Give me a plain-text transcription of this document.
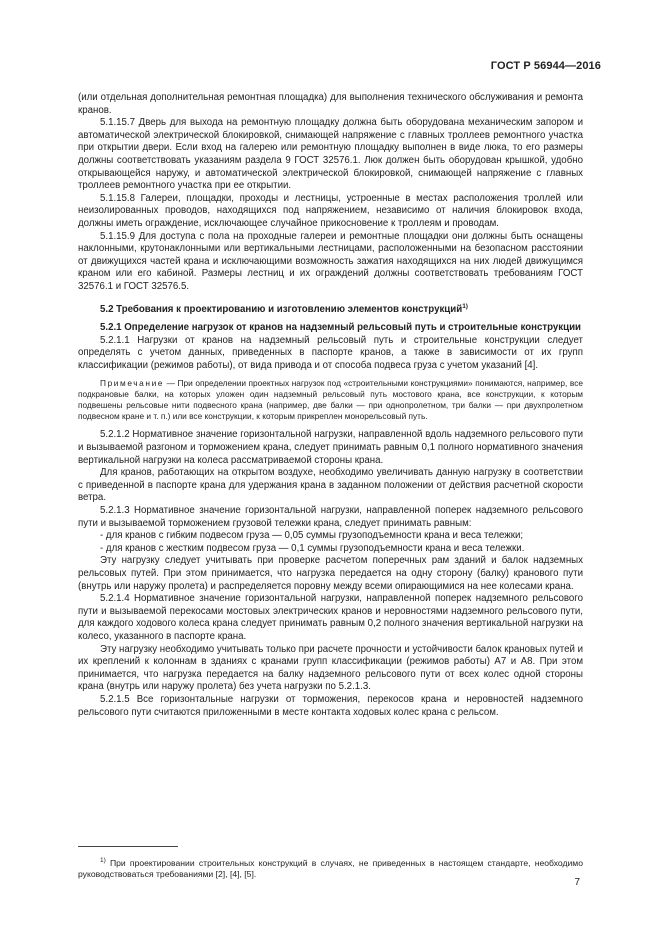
ГОСТ Р 56944—2016

(или отдельная дополнительная ремонтная площадка) для выполнения технического обслуживания и ремонта кранов.

5.1.15.7 Дверь для выхода на ремонтную площадку должна быть оборудована механическим запором и автоматической электрической блокировкой, снимающей напряжение с главных троллеев ремонтного участка при открытии двери. Если вход на галерею или ремонтную площадку выполнен в виде люка, то его размеры должны соответствовать указаниям раздела 9 ГОСТ 32576.1. Люк должен быть оборудован крышкой, удобно открывающейся наружу, и автоматической электрической блокировкой, снимающей напряжение с главных троллеев ремонтного участка при ее открытии.

5.1.15.8 Галереи, площадки, проходы и лестницы, устроенные в местах расположения троллей или неизолированных проводов, находящихся под напряжением, независимо от наличия блокировок входа, должны иметь ограждение, исключающее случайное прикосновение к троллеям и проводам.

5.1.15.9 Для доступа с пола на проходные галереи и ремонтные площадки они должны быть оснащены наклонными, крутонаклонными или вертикальными лестницами, расположенными на безопасном расстоянии от движущихся частей крана и исключающими возможность зажатия находящихся на них людей движущимся краном или его кабиной. Размеры лестниц и их ограждений должны соответствовать требованиям ГОСТ 32576.1 и ГОСТ 32576.5.

5.2 Требования к проектированию и изготовлению элементов конструкций$^{1)}$

5.2.1 Определение нагрузок от кранов на надземный рельсовый путь и строительные конструкции

5.2.1.1 Нагрузки от кранов на надземный рельсовый путь и строительные конструкции следует определять с учетом данных, приведенных в паспорте кранов, а также в зависимости от их групп классификации (режимов работы), от вида привода и от способа подвеса груза с учетом указаний [4].

Примечание — При определении проектных нагрузок под «строительными конструкциями» понимаются, например, все подкрановые балки, на которых уложен один надземный рельсовый путь мостового крана, все конструкции, к которым подвешены рельсовые нити подвесного крана (например, две балки — при однопролетном, три балки — при двухпролетном подвесном кране и т. п.) или все конструкции, к которым прикреплен монорельсовый путь.

5.2.1.2 Нормативное значение горизонтальной нагрузки, направленной вдоль надземного рельсового пути и вызываемой разгоном и торможением крана, следует принимать равным 0,1 полного нормативного значения вертикальной нагрузки на колеса рассматриваемой стороны крана.

Для кранов, работающих на открытом воздухе, необходимо увеличивать данную нагрузку в соответствии с приведенной в паспорте крана для удержания крана в заданном положении от действия расчетной скорости ветра.

5.2.1.3 Нормативное значение горизонтальной нагрузки, направленной поперек надземного рельсового пути и вызываемой торможением грузовой тележки крана, следует принимать равным:

- для кранов с гибким подвесом груза — 0,05 суммы грузоподъемности крана и веса тележки;

- для кранов с жестким подвесом груза — 0,1 суммы грузоподъемности крана и веса тележки.

Эту нагрузку следует учитывать при проверке расчетом поперечных рам зданий и балок надземных рельсовых путей. При этом принимается, что нагрузка передается на одну сторону (балку) кранового пути (внутрь или наружу пролета) и распределяется поровну между всеми опирающимися на нее колесами крана.

5.2.1.4 Нормативное значение горизонтальной нагрузки, направленной поперек надземного рельсового пути и вызываемой перекосами мостовых электрических кранов и неровностями надземного рельсового пути, для каждого ходового колеса крана следует принимать равным 0,2 полного значения вертикальной нагрузки на колесо, указанного в паспорте крана.

Эту нагрузку необходимо учитывать только при расчете прочности и устойчивости балок крановых путей и их креплений к колоннам в зданиях с кранами групп классификации (режимов работы) А7 и А8. При этом принимается, что нагрузка передается на балку надземного рельсового пути от всех колес одной стороны крана (внутрь или наружу пролета) без учета нагрузки по 5.2.1.3.

5.2.1.5 Все горизонтальные нагрузки от торможения, перекосов крана и неровностей надземного рельсового пути считаются приложенными в месте контакта ходовых колес крана с рельсом.

$^{1)}$ При проектировании строительных конструкций в случаях, не приведенных в настоящем стандарте, необходимо руководствоваться требованиями [2], [4], [5].

7
